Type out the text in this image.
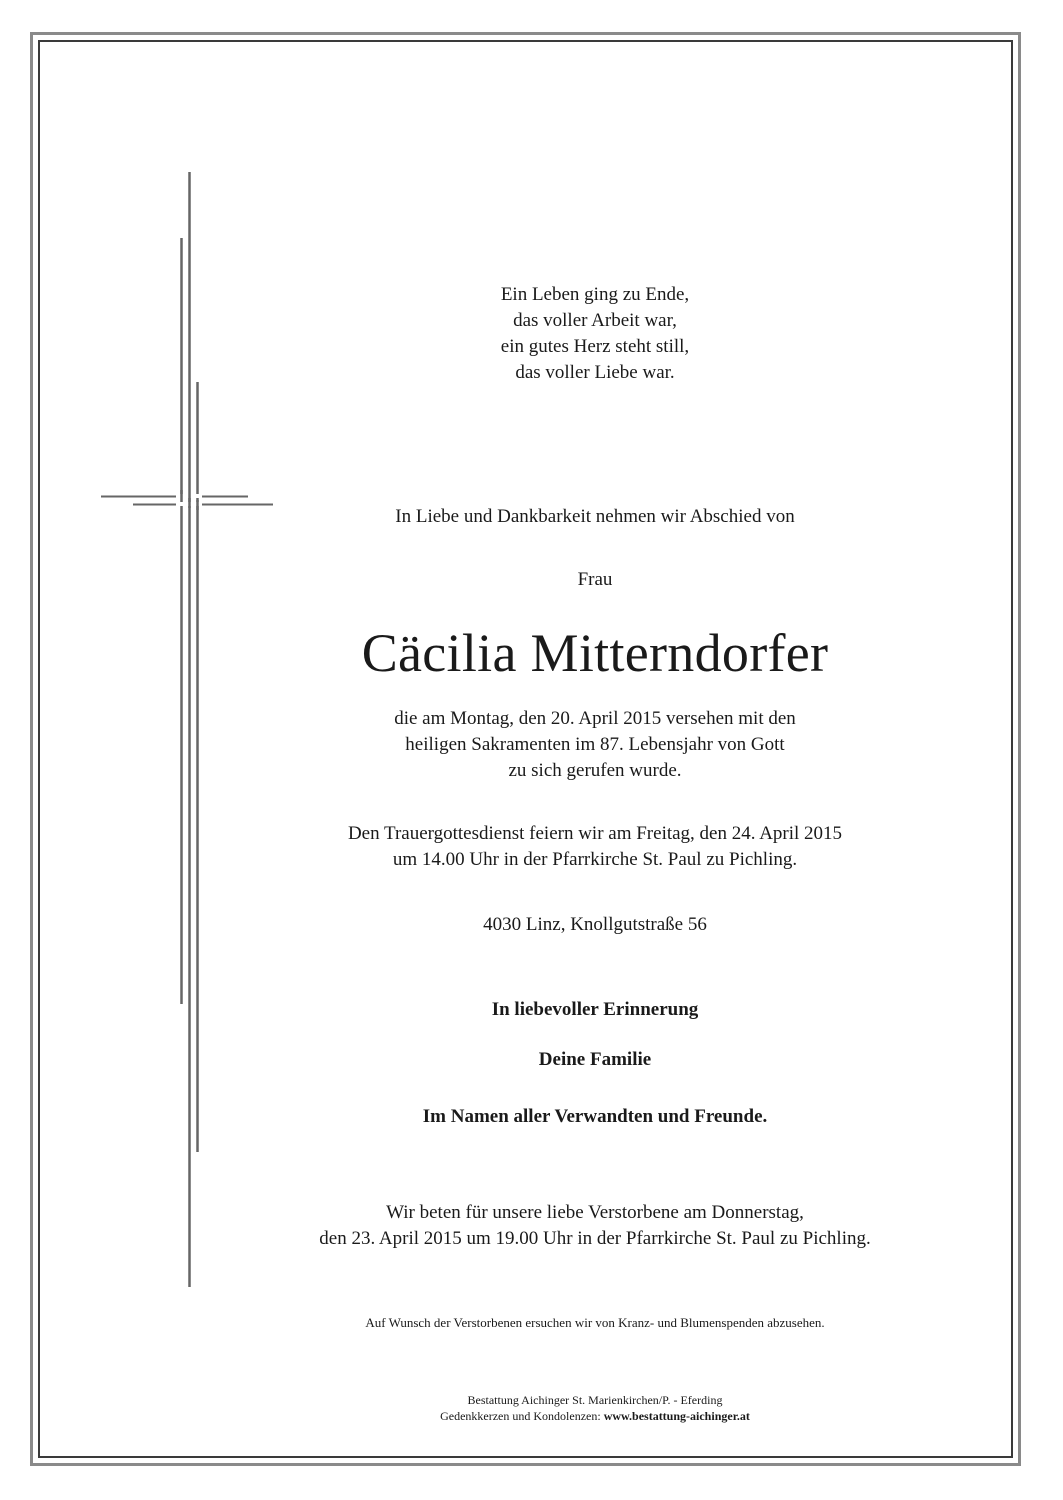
Ein Leben ging zu Ende,
das voller Arbeit war,
ein gutes Herz steht still,
das voller Liebe war.

In Liebe und Dankbarkeit nehmen wir Abschied von

Frau

Cäcilia Mitterndorfer
die am Montag, den 20. April 2015 versehen mit den
heiligen Sakramenten im 87. Lebensjahr von Gott
zu sich gerufen wurde.
Den Trauergottesdienst feiern wir am Freitag, den 24. April 2015
um 14.00 Uhr in der Pfarrkirche St. Paul zu Pichling.

4030 Linz, Knollgutstraße 56

In liebevoller Erinnerung

Deine Familie

Im Namen aller Verwandten und Freunde.

Wir beten für unsere liebe Verstorbene am Donnerstag,
den 23. April 2015 um 19.00 Uhr in der Pfarrkirche St. Paul zu Pichling.

Auf Wunsch der Verstorbenen ersuchen wir von Kranz- und Blumenspenden abzusehen.

Bestattung Aichinger St. Marienkirchen/P. - Eferding
Gedenkkerzen und Kondolenzen: www.bestattung-aichinger.at
